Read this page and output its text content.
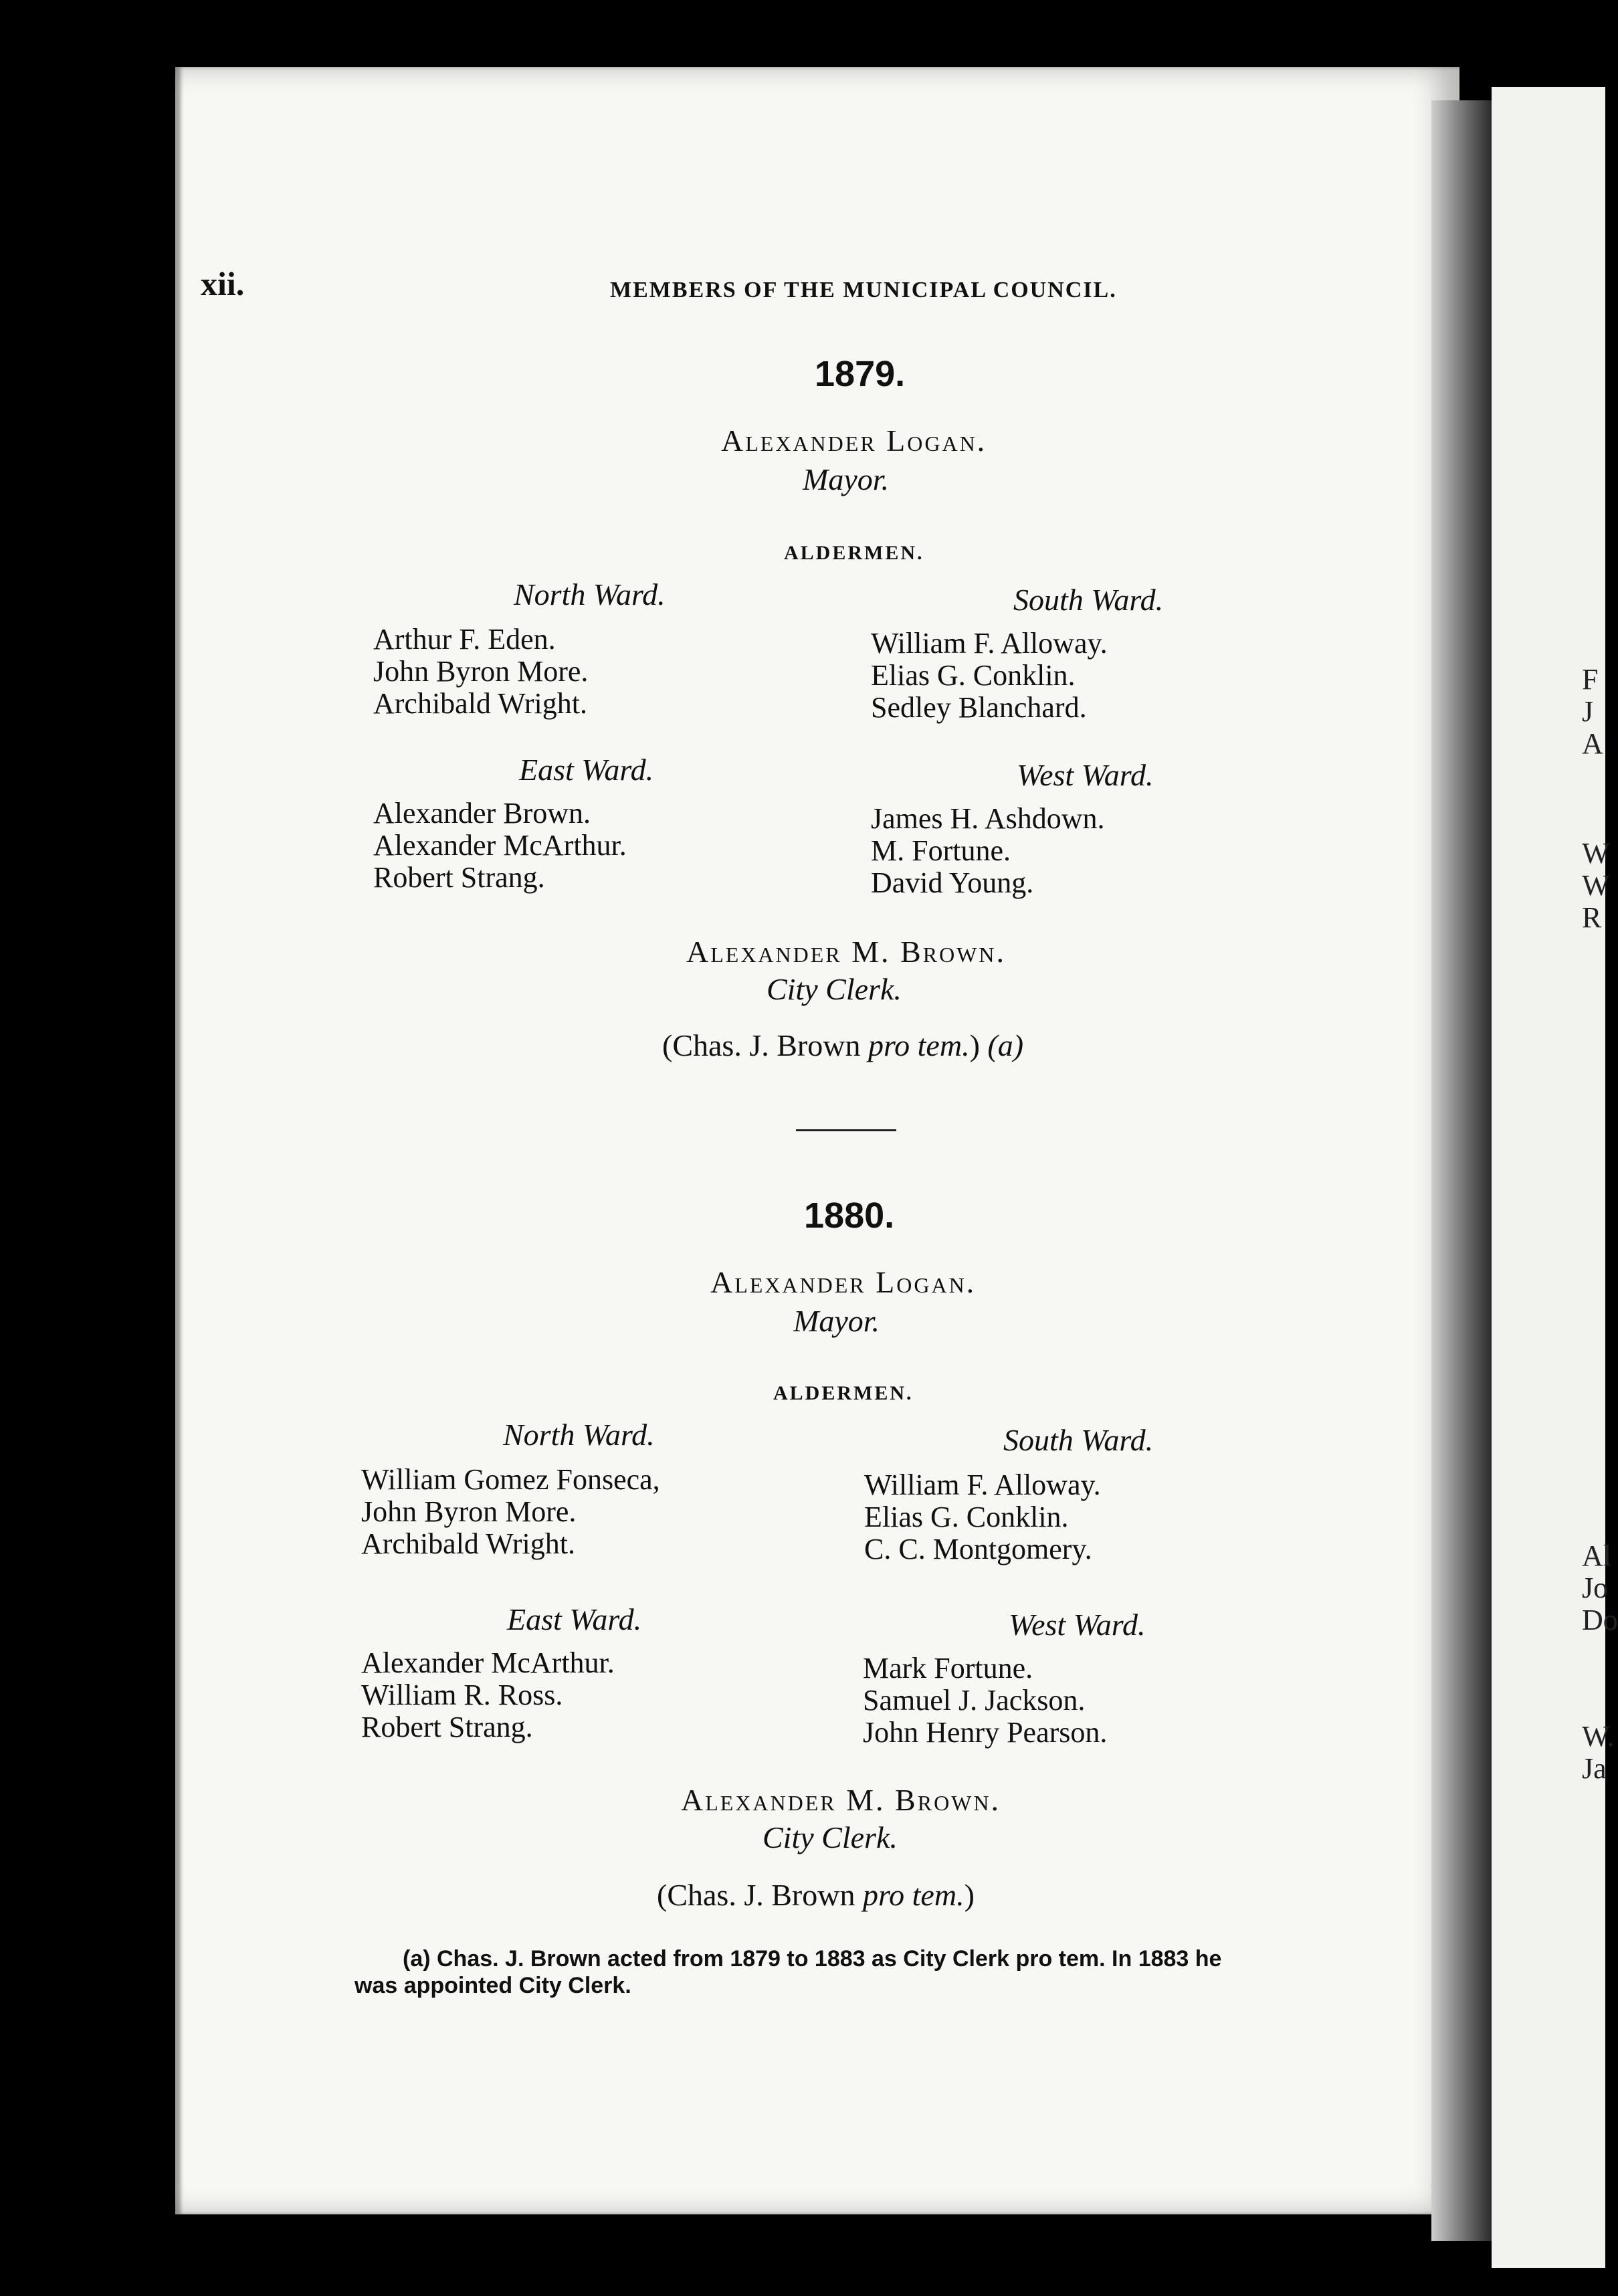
F
J
A
W
W
R
Al
Jo
Do
W.
Ja
xii.	MEMBERS OF THE MUNICIPAL COUNCIL.
1879.
Alexander Logan.
Mayor.
ALDERMEN.
North Ward.
Arthur F. Eden.
John Byron More.
Archibald Wright.
South Ward.
William F. Alloway.
Elias G. Conklin.
Sedley Blanchard.
East Ward.
Alexander Brown.
Alexander McArthur.
Robert Strang.
West Ward.
James H. Ashdown.
M. Fortune.
David Young.
Alexander M. Brown.
City Clerk.
(Chas. J. Brown pro tem.) (a)
1880.
Alexander Logan.
Mayor.
ALDERMEN.
North Ward.
William Gomez Fonseca,
John Byron More.
Archibald Wright.
South Ward.
William F. Alloway.
Elias G. Conklin.
C. C. Montgomery.
East Ward.
Alexander McArthur.
William R. Ross.
Robert Strang.
West Ward.
Mark Fortune.
Samuel J. Jackson.
John Henry Pearson.
Alexander M. Brown.
City Clerk.
(Chas. J. Brown pro tem.)
(a) Chas. J. Brown acted from 1879 to 1883 as City Clerk pro tem. In 1883 he
was appointed City Clerk.
